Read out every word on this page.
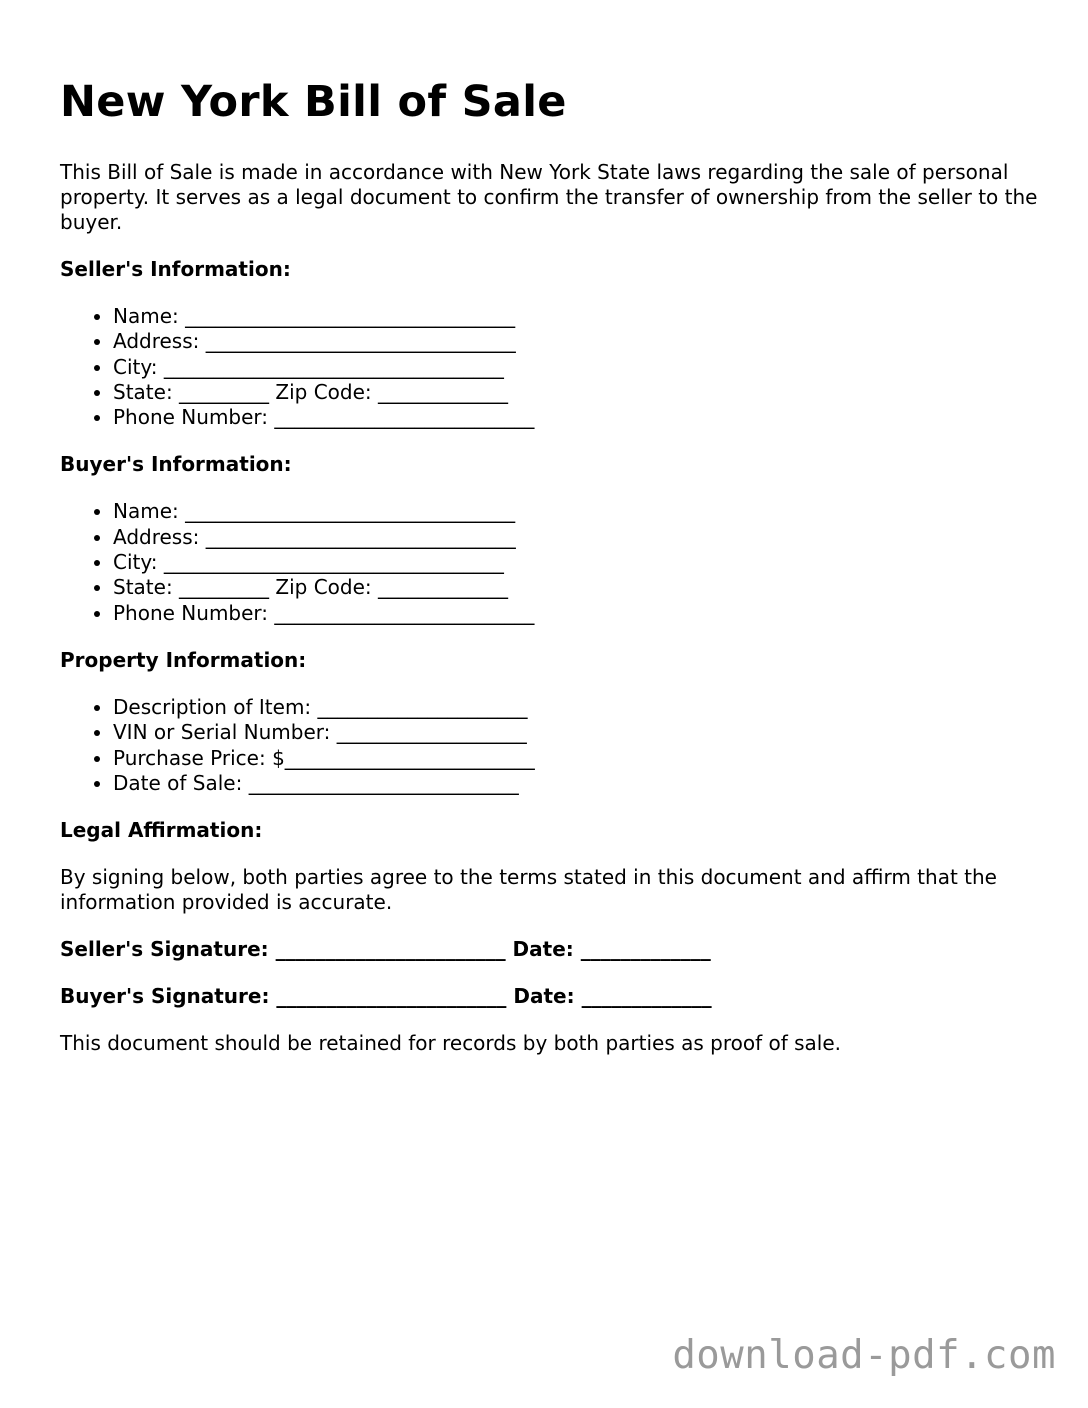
New York Bill of Sale

This Bill of Sale is made in accordance with New York State laws regarding the sale of personal property. It serves as a legal document to confirm the transfer of ownership from the seller to the buyer.

Seller's Information:
• Name: _________________________________
• Address: _______________________________
• City: __________________________________
• State: _________ Zip Code: _____________
• Phone Number: __________________________
Buyer's Information:
• Name: _________________________________
• Address: _______________________________
• City: __________________________________
• State: _________ Zip Code: _____________
• Phone Number: __________________________
Property Information:
• Description of Item: _____________________
• VIN or Serial Number: ___________________
• Purchase Price: $_________________________
• Date of Sale: ___________________________
Legal Affirmation:

By signing below, both parties agree to the terms stated in this document and affirm that the information provided is accurate.

Seller's Signature: _______________________ Date: _____________

Buyer's Signature: _______________________ Date: _____________

This document should be retained for records by both parties as proof of sale.

download-pdf.com
